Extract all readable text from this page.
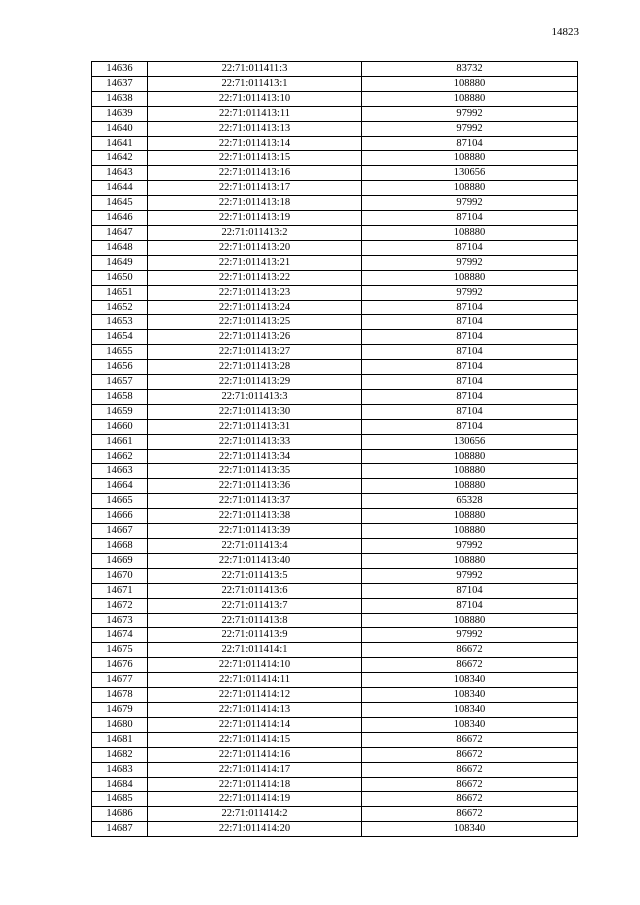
14823
14636	22:71:011411:3	83732
14637	22:71:011413:1	108880
14638	22:71:011413:10	108880
14639	22:71:011413:11	97992
14640	22:71:011413:13	97992
14641	22:71:011413:14	87104
14642	22:71:011413:15	108880
14643	22:71:011413:16	130656
14644	22:71:011413:17	108880
14645	22:71:011413:18	97992
14646	22:71:011413:19	87104
14647	22:71:011413:2	108880
14648	22:71:011413:20	87104
14649	22:71:011413:21	97992
14650	22:71:011413:22	108880
14651	22:71:011413:23	97992
14652	22:71:011413:24	87104
14653	22:71:011413:25	87104
14654	22:71:011413:26	87104
14655	22:71:011413:27	87104
14656	22:71:011413:28	87104
14657	22:71:011413:29	87104
14658	22:71:011413:3	87104
14659	22:71:011413:30	87104
14660	22:71:011413:31	87104
14661	22:71:011413:33	130656
14662	22:71:011413:34	108880
14663	22:71:011413:35	108880
14664	22:71:011413:36	108880
14665	22:71:011413:37	65328
14666	22:71:011413:38	108880
14667	22:71:011413:39	108880
14668	22:71:011413:4	97992
14669	22:71:011413:40	108880
14670	22:71:011413:5	97992
14671	22:71:011413:6	87104
14672	22:71:011413:7	87104
14673	22:71:011413:8	108880
14674	22:71:011413:9	97992
14675	22:71:011414:1	86672
14676	22:71:011414:10	86672
14677	22:71:011414:11	108340
14678	22:71:011414:12	108340
14679	22:71:011414:13	108340
14680	22:71:011414:14	108340
14681	22:71:011414:15	86672
14682	22:71:011414:16	86672
14683	22:71:011414:17	86672
14684	22:71:011414:18	86672
14685	22:71:011414:19	86672
14686	22:71:011414:2	86672
14687	22:71:011414:20	108340
